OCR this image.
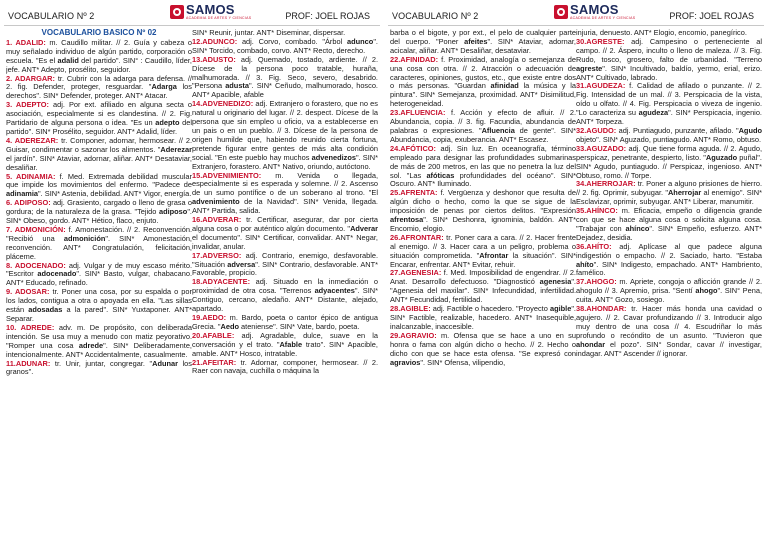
VOCABULARIO Nº 2	SAMOS
ACADEMIA DE ARTES Y CIENCIAS	PROF: JOEL ROJAS
VOCABULARIO BÁSICO Nº 02

1. ADALID: m. Caudillo militar. // 2. Guía y cabeza o muy señalado individuo de algún partido, corporación o escuela. "Es el adalid del partido". SIN° : Caudillo, líder, jefe. ANT* Adepto, prosélito, seguidor.

2. ADARGAR: tr. Cubrir con la adarga para defensa. // 2. fig. Defender, proteger, resguardar. "Adarga los derechos". SIN* Defender, proteger. ANT* Atacar.

3. ADEPTO: adj. Por ext. afiliado en alguna secta o asociación, especialmente si es clandestina. // 2. Fig. Partidario de alguna persona o idea. "Es un adepto del partido". SIN* Prosélito, seguidor. ANT* Adalid, líder.

4. ADEREZAR: tr. Componer, adornar, hermosear. // 2. Guisar, condimentar o sazonar los alimentos. "Aderezar el jardín". SIN* Ataviar, adornar, aliñar. ANT* Desataviar, desaliñar.

5. ADINAMIA: f. Med. Extremada debilidad muscular que impide los movimientos del enfermo. "Padece de adinamia". SIN* Astenia, debilidad. ANT* Vigor, energía.

6. ADIPOSO: adj. Grasiento, cargado o lleno de grasa o gordura; de la naturaleza de la grasa. "Tejido adiposo". SIN* Obeso, gordo. ANT* Hético, flaco, enjuto.

7. ADMONICIÓN: f. Amonestación. // 2. Reconvención. "Recibió una admonición". SIN* Amonestación, reconvención. ANT* Congratulación, felicitación, pláceme.

8. ADOCENADO: adj. Vulgar y de muy escaso mérito. "Escritor adocenado". SIN* Basto, vulgar, chabacano. ANT* Educado, refinado.

9. ADOSAR: tr. Poner una cosa, por su espalda o por los lados, contigua a otra o apoyada en ella. "Las sillas están adosadas a la pared". SIN* Yuxtaponer. ANT* Separar.

10. ADREDE: adv. m. De propósito, con deliberada intención. Se usa muy a menudo con matiz peyorativo. "Romper una cosa adrede". SIN* Deliberadamente, intencionalmente. ANT* Accidentalmente, casualmente.

11.ADUNAR: tr. Unir, juntar, congregar. "Adunar los granos".

SIN* Reunir, juntar. ANT* Diseminar, dispersar.

12.ADUNCO: adj. Corvo, combado. "Árbol adunco". SIN* Torcido, combado, corvo. ANT* Recto, derecho.

13.ADUSTO: adj. Quemado, tostado, ardiente. // 2. Dícese de la persona poco tratable, huraña, malhumorada. // 3. Fig. Seco, severo, desabrido. "Persona adusta". SIN* Ceñudo, malhumorado, hosco. ANT* Apacible, afable

14.ADVENEDIZO: adj. Extranjero o forastero, que no es natural u originario del lugar. // 2. despect. Dícese de la persona que sin empleo u oficio, va a establecerse en un pais o en un pueblo. // 3. Dícese de la persona de origen humilde que, habiendo reunido cierta fortuna, pretende figurar entre gentes de más alta condición social. "En este pueblo hay muchos advenedizos". SIN* Extranjero, forastero. ANT* Nativo, oriundo, autóctono.

15.ADVENIMIENTO: m. Venida o llegada, especialmente si es esperada y solemne. // 2. Ascenso de un sumo pontífice o de un soberano al trono. "El advenimiento de la Navidad". SIN* Venida, llegada. ANT* Partida, salida.

16.ADVERAR: tr. Certificar, asegurar, dar por cierta alguna cosa o por auténtico algún documento. "Adverar el documento". SIN* Certificar, convalidar. ANT* Negar, invalidar, anular.

17.ADVERSO: adj. Contrario, enemigo, desfavorable. "Situación adversa". SIN* Contrario, desfavorable. ANT* Favorable, propicio.

18.ADYACENTE: adj. Situado en la inmediación o proximidad de otra cosa. "Terrenos adyacentes". SIN* Contiguo, cercano, aledaño. ANT* Distante, alejado, apartado.

19.AEDO: m. Bardo, poeta o cantor épico de antigua Grecia. "Aedo ateniense". SIN* Vate, bardo, poeta.

20.AFABLE: adj. Agradable, dulce, suave en la conversación y el trato. "Afable trato". SIN* Apacible, amable. ANT* Hosco, intratable.

21.AFEITAR: tr. Adornar, componer, hermosear. // 2. Raer con navaja, cuchilla o máquina la

VOCABULARIO Nº 2	SAMOS
ACADEMIA DE ARTES Y CIENCIAS	PROF: JOEL ROJAS

barba o el bigote, y por ext., el pelo de cualquier parte del cuerpo. "Poner afeites". SIN* Ataviar, adornar, acicalar, aliñar. ANT* Desaliñar, desataviar.

22.AFINIDAD: f. Proximidad, analogía o semejanza de una cosa con otra. // 2. Atracción o adecuación de caracteres, opiniones, gustos, etc., que existe entre dos o más personas. "Guardan afinidad la música y la pintura". SIN* Semejanza, proximidad. ANT* Disimilitud, heterogeneidad.

23.AFLUENCIA: f. Acción y efecto de afluir. // 2. Abundancia, copia. // 3. fig. Facundia, abundancia de palabras o expresiones. "Afluencia de gente". SIN* Abundancia, copia, exuberancia. ANT* Escasez.

24.AFÓTICO: adj. Sin luz. En oceanografía, término empleado para designar las profundidades submarinas de más de 200 metros, en las que no penetra la luz del sol. "Las afóticas profundidades del océano". SIN* Oscuro. ANT* Iluminado.

25.AFRENTA: f. Vergüenza y deshonor que resulta de algún dicho o hecho, como la que se sigue de la imposición de penas por ciertos delitos. "Expresión afrentosa". SIN* Deshonra, ignominia, baldón. ANT* Encomio, elogio.

26.AFRONTAR: tr. Poner cara a cara. // 2. Hacer frente al enemigo. // 3. Hacer cara a un peligro, problema o situación comprometida. "Afrontar la situación". SIN* Encarar, enfrentar. ANT* Evitar, rehuir.

27.AGENESIA: f. Med. Imposibilidad de engendrar. // 2. Anat. Desarrollo defectuoso. "Diagnosticó agenesia". "Agenesia del maxilar". SIN* Infecundidad, infertilidad. ANT* Fecundidad, fertilidad.

28.AGIBLE: adj. Factible o hacedero. "Proyecto agible". SIN* Factible, realizable, hacedero. ANT* Inasequible, inalcanzable, inaccesible.

29.AGRAVIO: m. Ofensa que se hace a uno en su honra o fama con algún dicho o hecho. // 2. Hecho o dicho con que se hace esta ofensa. "Se expresó con agravios". SIN* Ofensa, vilipendio,

injuria, denuesto. ANT* Elogio, encomio, panegírico.

30.AGRESTE: adj. Campesino o perteneciente al campo. // 2. Áspero, inculto o lleno de maleza. // 3. Fig. Rudo, tosco, grosero, falto de urbanidad. "Terreno agreste". SIN* Incultivado, baldío, yermo, erial, erizo. ANT* Cultivado, labrado.

31.AGUDEZA: f. Calidad de afilado o punzante. // 2. Fig. Intensidad de un mal. // 3. Perspicacia de la vista, oído u olfato. // 4. Fig. Perspicacia o viveza de ingenio. "Lo caracteriza su agudeza". SIN* Perspicacia, ingenio. ANT* Torpeza.

32.AGUDO: adj. Puntiagudo, punzante, afilado. "Agudo objeto". SIN* Aguzado, puntiagudo. ANT* Romo, obtuso.

33.AGUZADO: adj. Que tiene forma aguda. // 2. Agudo, perspicaz, penetrante, despierto, listo. "Aguzado puñal". SIN* Agudo, puntiagudo. // Perspicaz, ingenioso. ANT* Obtuso, romo. // Torpe.

34.AHERROJAR: tr. Poner a alguno prisiones de hierro. // 2. fig. Oprimir, subyugar. "Aherrojar al enemigo". SIN* Esclavizar, oprimir, subyugar. ANT* Liberar, manumitir.

35.AHÍNCO: m. Eficacia, empeño o diligencia grande con que se hace alguna cosa o solicita alguna cosa. "Trabajar con ahínco". SIN* Empeño, esfuerzo. ANT* Dejadez, desidia.

36.AHÍTO: adj. Aplícase al que padece alguna indigestión o empacho. // 2. Saciado, harto. "Estaba ahíto". SIN* Indigesto, empachado. ANT* Hambriento, famélico.

37.AHOGO: m. Apriete, congoja o aflicción grande // 2. ahogulo // 3. Apremio, prisa. "Sentí ahogo". SIN° Pena, cuita. ANT° Gozo, sosiego.

38.AHONDAR: tr. Hacer más honda una cavidad o agujero. // 2. Cavar profundizando // 3. Introducir algo muy dentro de una cosa // 4. Escudriñar lo más profundo o recóndito de un asunto. "Tuvieron que ahondar el pozo". SIN° Sondar, cavar // investigar, indagar. ANT° Ascender // ignorar.
